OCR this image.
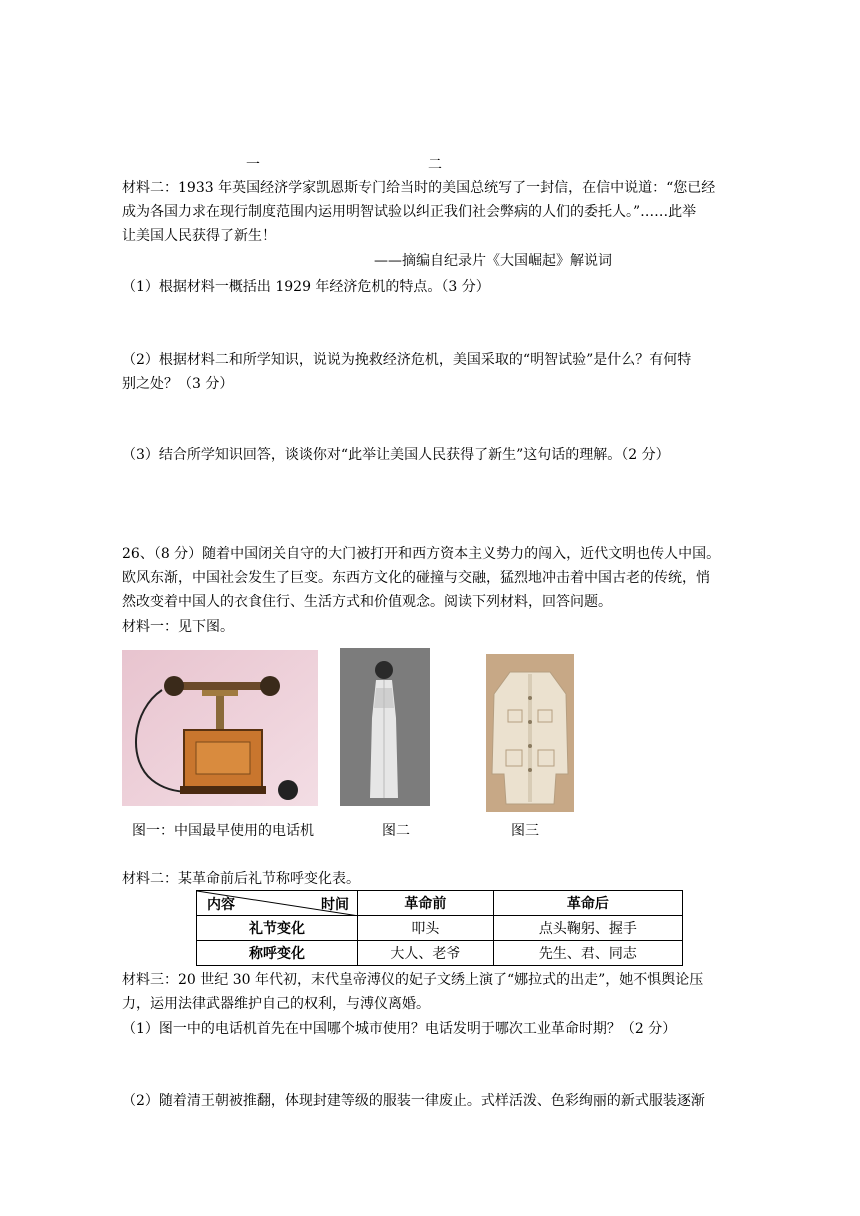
一	二

材料二：1933 年英国经济学家凯恩斯专门给当时的美国总统写了一封信，在信中说道：“您已经

成为各国力求在现行制度范围内运用明智试验以纠正我们社会弊病的人们的委托人。”……此举

让美国人民获得了新生！

——摘编自纪录片《大国崛起》解说词
（1）根据材料一概括出 1929 年经济危机的特点。（3 分）

（2）根据材料二和所学知识，说说为挽救经济危机，美国采取的“明智试验”是什么？有何特

别之处？（3 分）

（3）结合所学知识回答，谈谈你对“此举让美国人民获得了新生”这句话的理解。（2 分）

26、（8 分）随着中国闭关自守的大门被打开和西方资本主义势力的闯入，近代文明也传人中国。

欧风东渐，中国社会发生了巨变。东西方文化的碰撞与交融，猛烈地冲击着中国古老的传统，悄

然改变着中国人的衣食住行、生活方式和价值观念。阅读下列材料，回答问题。

材料一：见下图。
图一：中国最早使用的电话机	图二	图三
材料二：某革命前后礼节称呼变化表。
内容 时间	革命前	革命后
礼节变化	叩头	点头鞠躬、握手
称呼变化	大人、老爷	先生、君、同志

材料三：20 世纪 30 年代初，末代皇帝溥仪的妃子文绣上演了“娜拉式的出走”，她不惧舆论压

力，运用法律武器维护自己的权利，与溥仪离婚。

（1）图一中的电话机首先在中国哪个城市使用？电话发明于哪次工业革命时期？（2 分）
（2）随着清王朝被推翻，体现封建等级的服装一律废止。式样活泼、色彩绚丽的新式服装逐渐
